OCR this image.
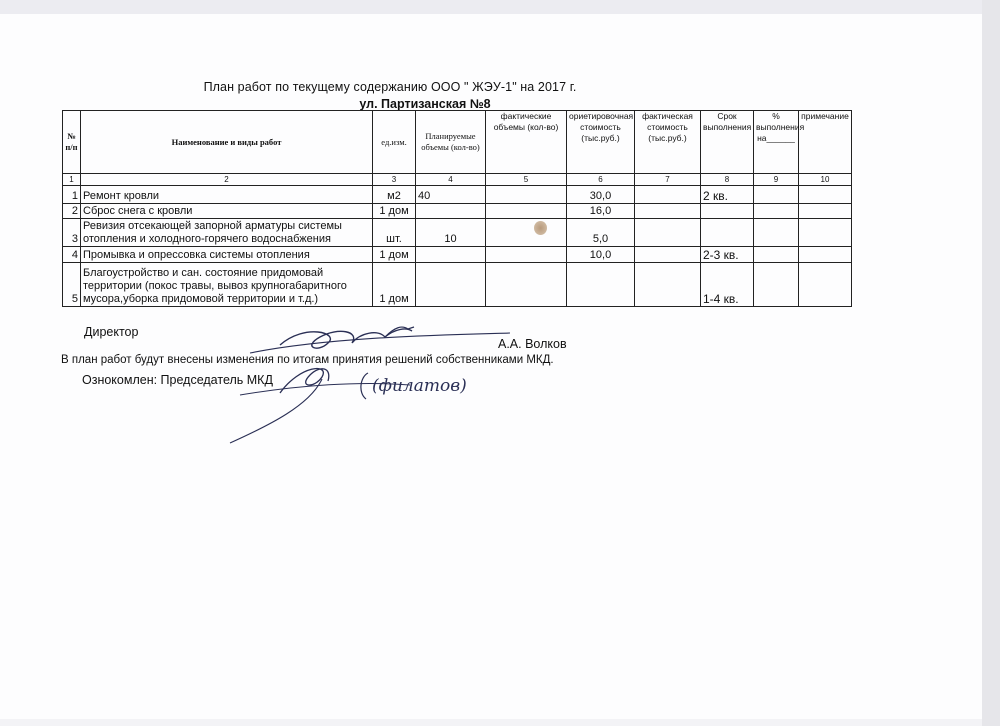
План работ по текущему содержанию ООО " ЖЭУ-1" на 2017 г.
ул. Партизанская №8
№ п/п	Наименование и виды работ	ед.изм.	Планируемые объемы (кол-во)	фактические объемы (кол-во)	ориетировочная стоимость (тыс.руб.)	фактическая стоимость (тыс.руб.)	Срок выполнения	% выполнения на______	примечание
1	2	3	4	5	6	7	8	9	10
1	Ремонт кровли	м2	40		30,0		2 кв.		
2	Сброс снега с кровли	1 дом			16,0				
3	Ревизия отсекающей запорной арматуры системы отопления и холодного-горячего водоснабжения	шт.	10		5,0				
4	Промывка и опрессовка системы отопления	1 дом			10,0		2-3 кв.		
5	Благоустройство и сан. состояние придомовай территории (покос травы, вывоз крупногабаритного мусора,уборка придомовой территории и т.д.)	1 дом					1-4 кв.		
Директор
А.А. Волков
В план работ будут внесены изменения по итогам принятия решений собственниками МКД.
Ознокомлен: Председатель МКД	(филатов)
